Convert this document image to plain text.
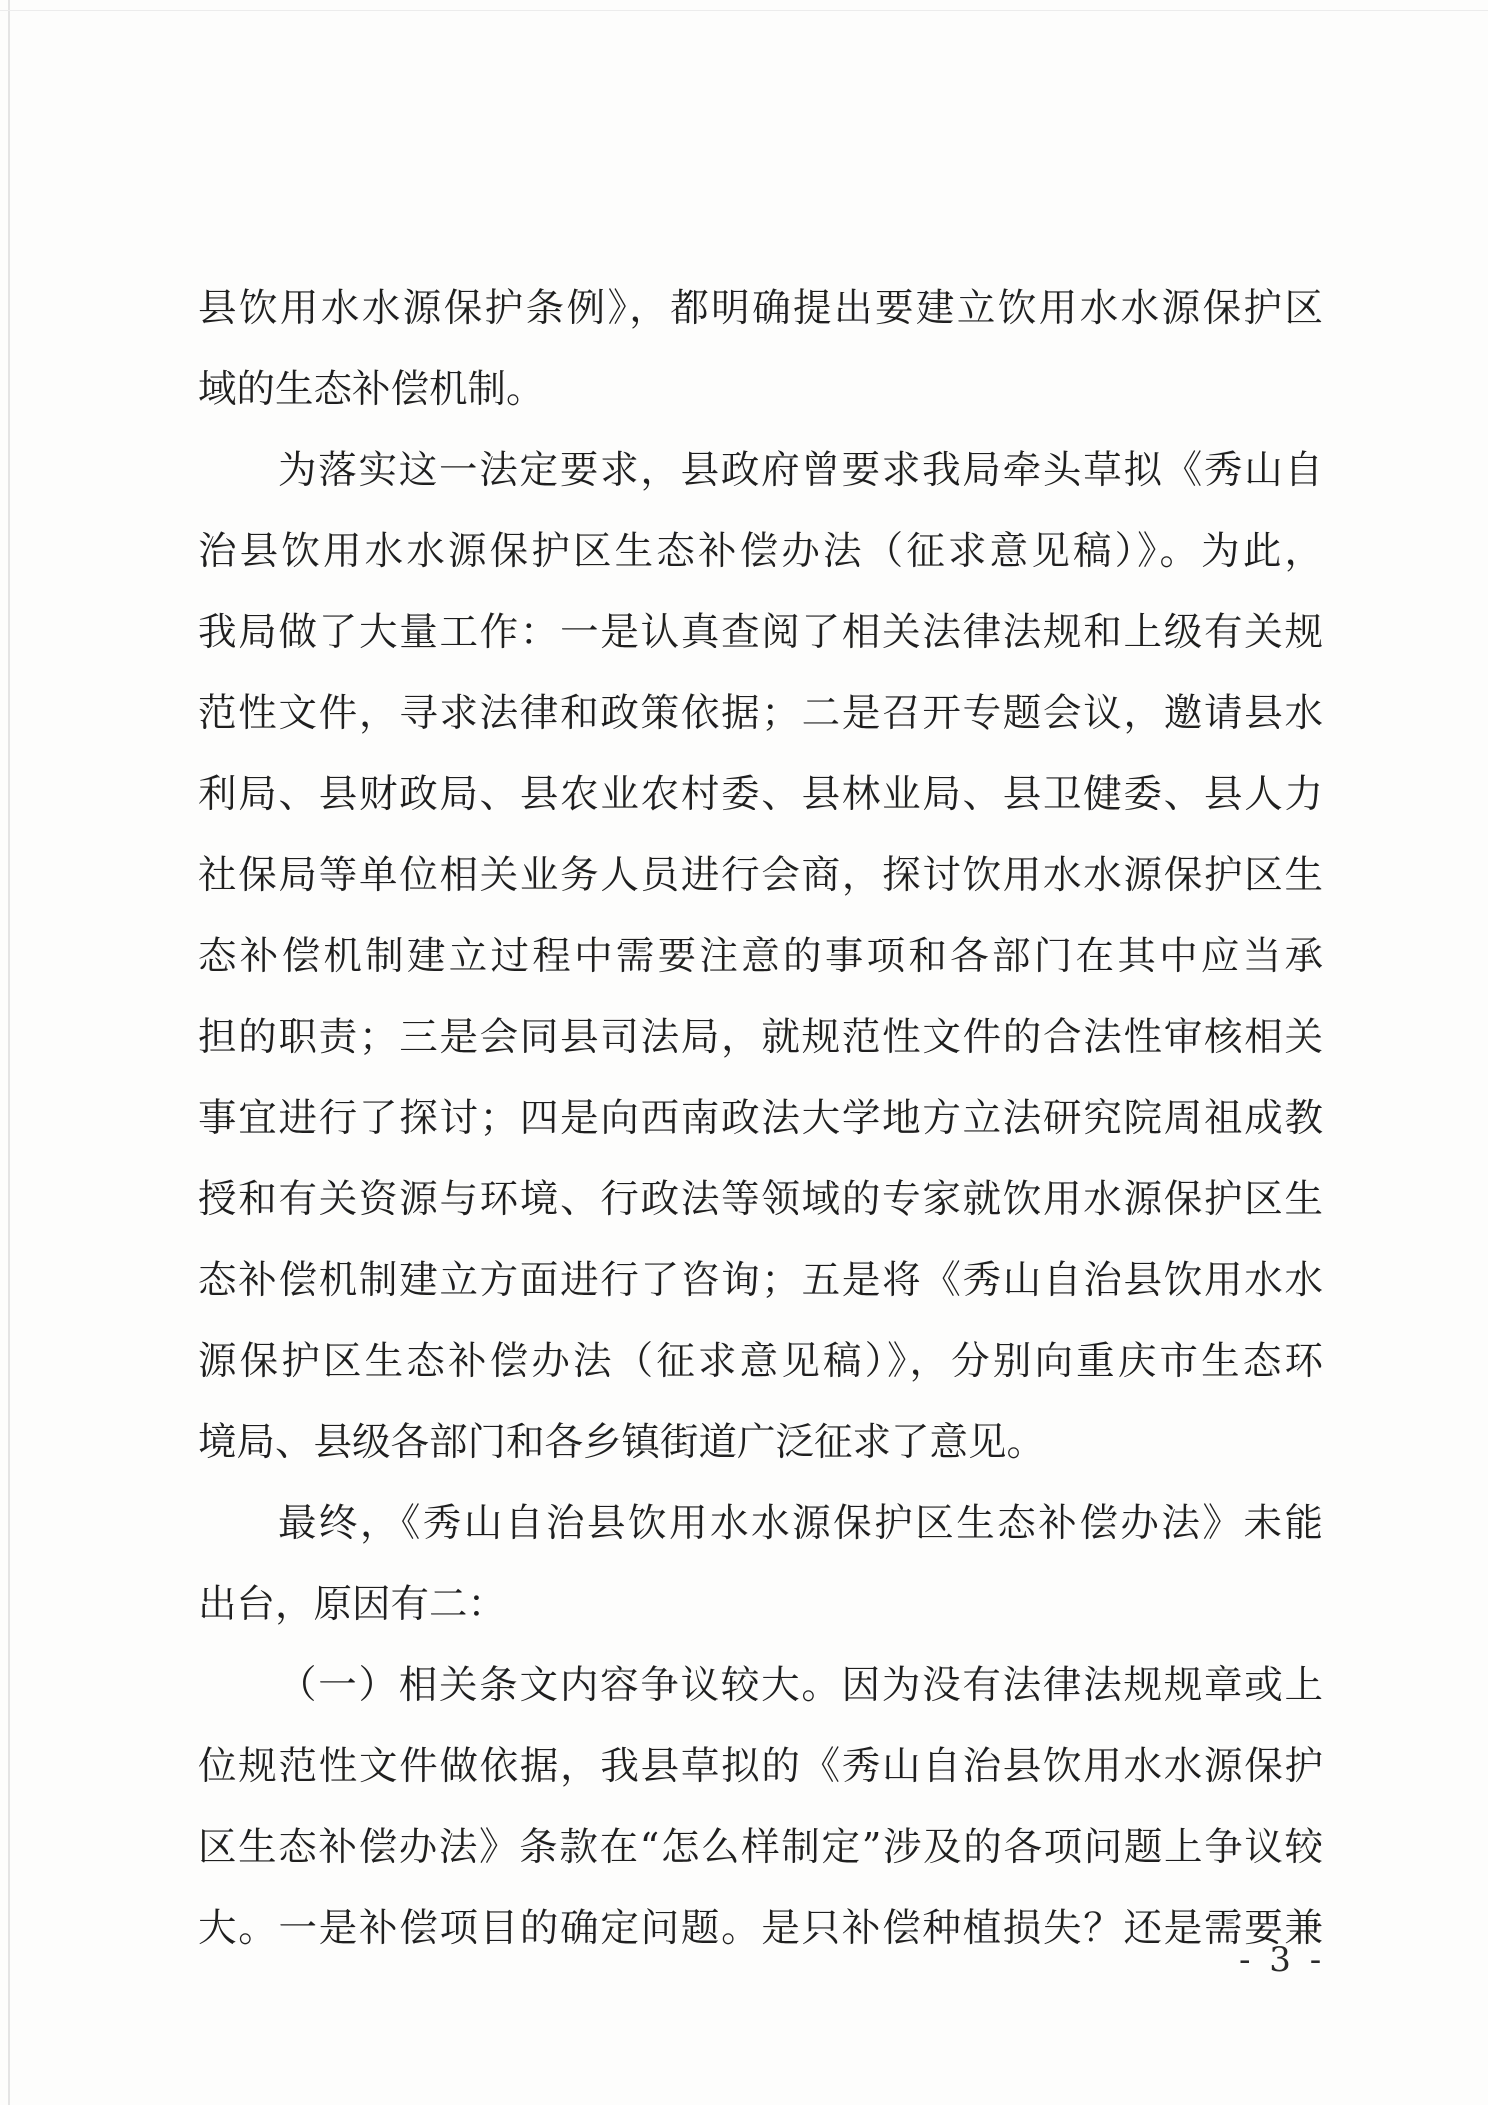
县饮用水水源保护条例》，都明确提出要建立饮用水水源保护区
域的生态补偿机制。
为落实这一法定要求，县政府曾要求我局牵头草拟《秀山自
治县饮用水水源保护区生态补偿办法（征求意见稿）》。为此，
我局做了大量工作：一是认真查阅了相关法律法规和上级有关规
范性文件，寻求法律和政策依据；二是召开专题会议，邀请县水
利局、县财政局、县农业农村委、县林业局、县卫健委、县人力
社保局等单位相关业务人员进行会商，探讨饮用水水源保护区生
态补偿机制建立过程中需要注意的事项和各部门在其中应当承
担的职责；三是会同县司法局，就规范性文件的合法性审核相关
事宜进行了探讨；四是向西南政法大学地方立法研究院周祖成教
授和有关资源与环境、行政法等领域的专家就饮用水源保护区生
态补偿机制建立方面进行了咨询；五是将《秀山自治县饮用水水
源保护区生态补偿办法（征求意见稿）》，分别向重庆市生态环
境局、县级各部门和各乡镇街道广泛征求了意见。
最终，《秀山自治县饮用水水源保护区生态补偿办法》未能
出台，原因有二：
（一）相关条文内容争议较大。因为没有法律法规规章或上
位规范性文件做依据，我县草拟的《秀山自治县饮用水水源保护
区生态补偿办法》条款在“怎么样制定”涉及的各项问题上争议较
大。一是补偿项目的确定问题。是只补偿种植损失？还是需要兼
- 3 -
